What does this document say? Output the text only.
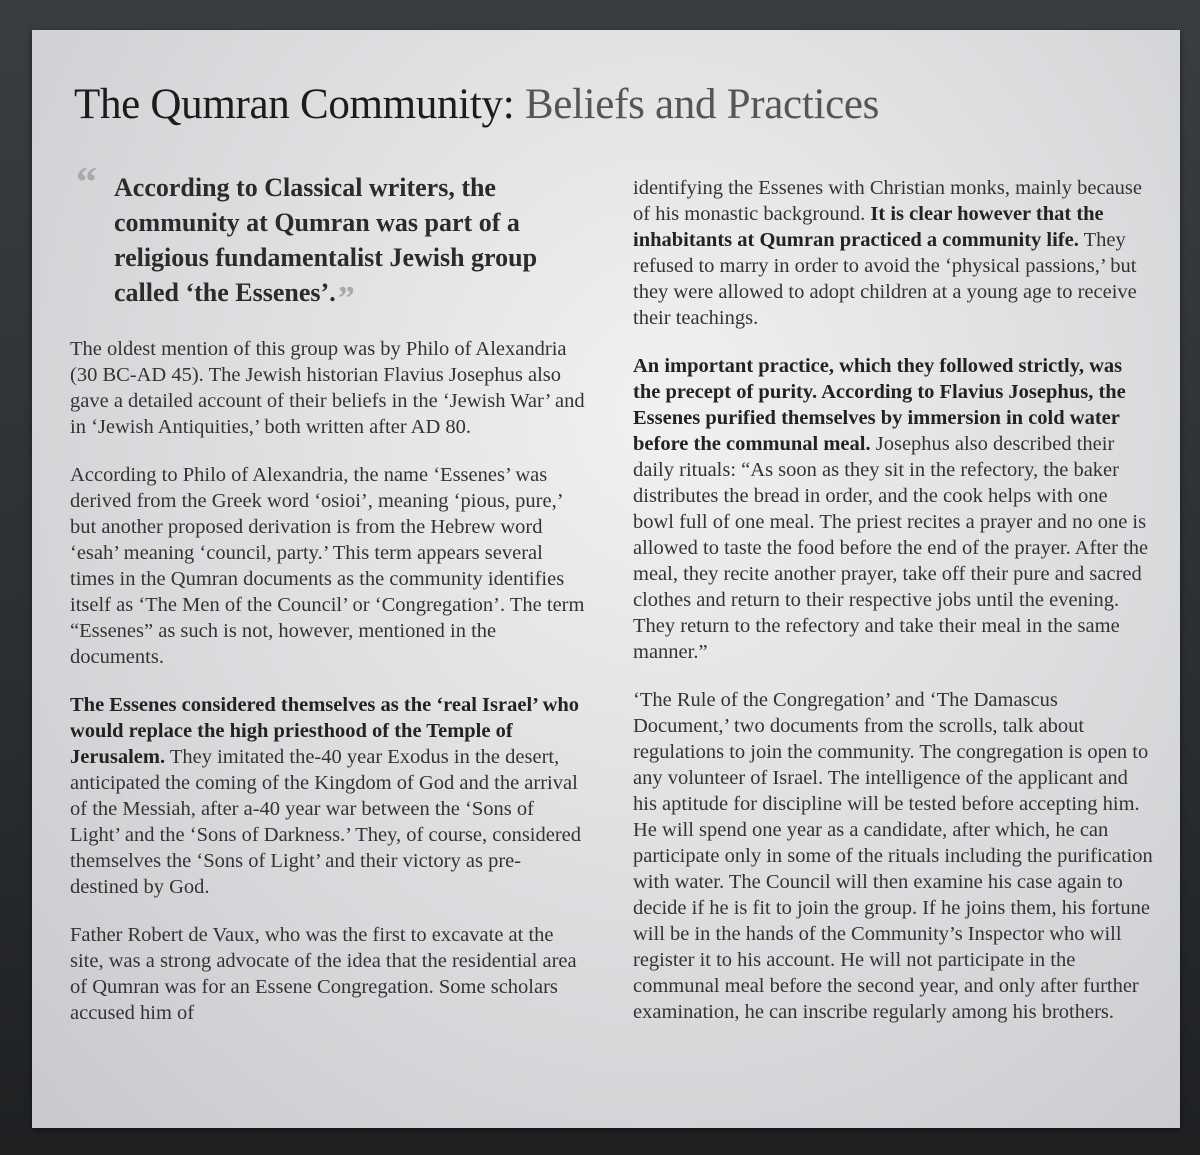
The Qumran Community: Beliefs and Practices
“ According to Classical writers, the community at Qumran was part of a religious fundamentalist Jewish group called ‘the Essenes’.”

The oldest mention of this group was by Philo of Alexandria (30 BC-AD 45). The Jewish historian Flavius Josephus also gave a detailed account of their beliefs in the ‘Jewish War’ and in ‘Jewish Antiquities,’ both written after AD 80.

According to Philo of Alexandria, the name ‘Essenes’ was derived from the Greek word ‘osioi’, meaning ‘pious, pure,’ but another proposed derivation is from the Hebrew word ‘esah’ meaning ‘council, party.’ This term appears several times in the Qumran documents as the community identifies itself as ‘The Men of the Council’ or ‘Congregation’. The term “Essenes” as such is not, however, mentioned in the documents.

The Essenes considered themselves as the ‘real Israel’ who would replace the high priesthood of the Temple of Jerusalem. They imitated the-40 year Exodus in the desert, anticipated the coming of the Kingdom of God and the arrival of the Messiah, after a-40 year war between the ‘Sons of Light’ and the ‘Sons of Darkness.’ They, of course, considered themselves the ‘Sons of Light’ and their victory as pre-destined by God.

Father Robert de Vaux, who was the first to excavate at the site, was a strong advocate of the idea that the residential area of Qumran was for an Essene Congregation. Some scholars accused him of

identifying the Essenes with Christian monks, mainly because of his monastic background. It is clear however that the inhabitants at Qumran practiced a community life. They refused to marry in order to avoid the ‘physical passions,’ but they were allowed to adopt children at a young age to receive their teachings.

An important practice, which they followed strictly, was the precept of purity. According to Flavius Josephus, the Essenes purified themselves by immersion in cold water before the communal meal. Josephus also described their daily rituals: “As soon as they sit in the refectory, the baker distributes the bread in order, and the cook helps with one bowl full of one meal. The priest recites a prayer and no one is allowed to taste the food before the end of the prayer. After the meal, they recite another prayer, take off their pure and sacred clothes and return to their respective jobs until the evening. They return to the refectory and take their meal in the same manner.”

‘The Rule of the Congregation’ and ‘The Damascus Document,’ two documents from the scrolls, talk about regulations to join the community. The congregation is open to any volunteer of Israel. The intelligence of the applicant and his aptitude for discipline will be tested before accepting him. He will spend one year as a candidate, after which, he can participate only in some of the rituals including the purification with water. The Council will then examine his case again to decide if he is fit to join the group. If he joins them, his fortune will be in the hands of the Community’s Inspector who will register it to his account. He will not participate in the communal meal before the second year, and only after further examination, he can inscribe regularly among his brothers.
